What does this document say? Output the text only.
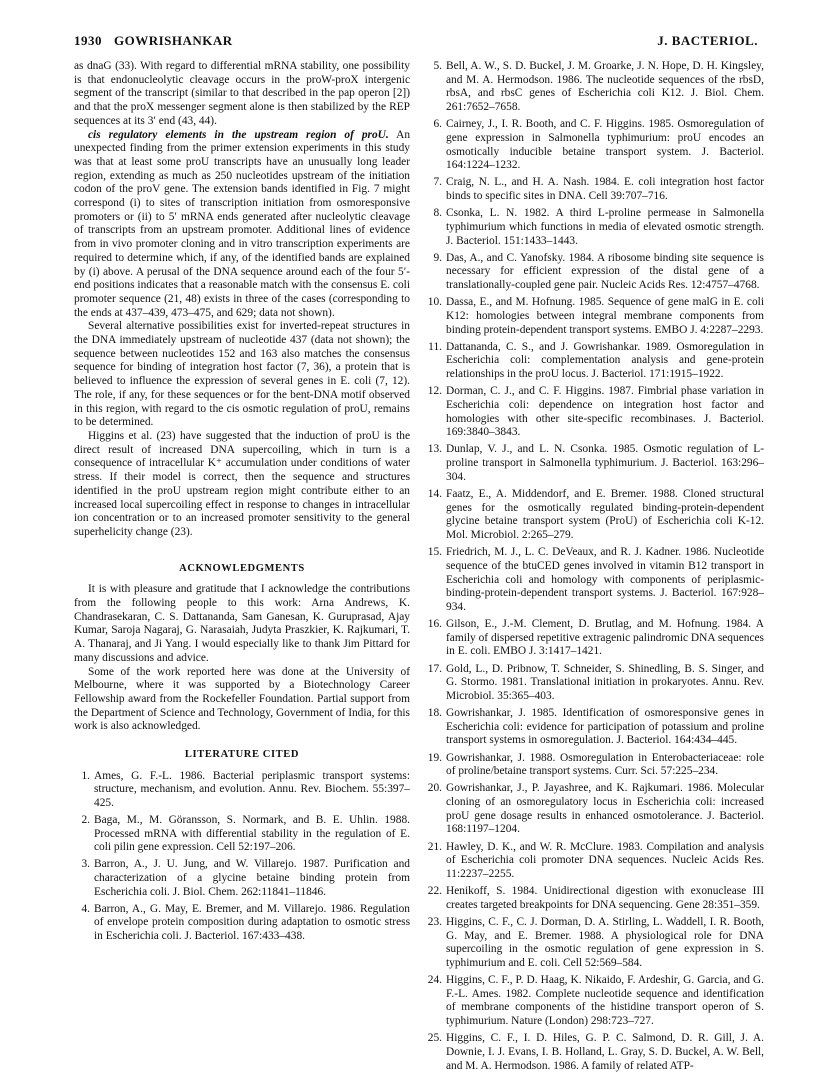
1930 GOWRISHANKAR	J. BACTERIOL.

as dnaG (33). With regard to differential mRNA stability, one possibility is that endonucleolytic cleavage occurs in the proW-proX intergenic segment of the transcript (similar to that described in the pap operon [2]) and that the proX messenger segment alone is then stabilized by the REP sequences at its 3′ end (43, 44).

cis regulatory elements in the upstream region of proU. An unexpected finding from the primer extension experiments in this study was that at least some proU transcripts have an unusually long leader region, extending as much as 250 nucleotides upstream of the initiation codon of the proV gene. The extension bands identified in Fig. 7 might correspond (i) to sites of transcription initiation from osmoresponsive promoters or (ii) to 5′ mRNA ends generated after nucleolytic cleavage of transcripts from an upstream promoter. Additional lines of evidence from in vivo promoter cloning and in vitro transcription experiments are required to determine which, if any, of the identified bands are explained by (i) above. A perusal of the DNA sequence around each of the four 5′-end positions indicates that a reasonable match with the consensus E. coli promoter sequence (21, 48) exists in three of the cases (corresponding to the ends at 437–439, 473–475, and 629; data not shown).

Several alternative possibilities exist for inverted-repeat structures in the DNA immediately upstream of nucleotide 437 (data not shown); the sequence between nucleotides 152 and 163 also matches the consensus sequence for binding of integration host factor (7, 36), a protein that is believed to influence the expression of several genes in E. coli (7, 12). The role, if any, for these sequences or for the bent-DNA motif observed in this region, with regard to the cis osmotic regulation of proU, remains to be determined.

Higgins et al. (23) have suggested that the induction of proU is the direct result of increased DNA supercoiling, which in turn is a consequence of intracellular K⁺ accumulation under conditions of water stress. If their model is correct, then the sequence and structures identified in the proU upstream region might contribute either to an increased local supercoiling effect in response to changes in intracellular ion concentration or to an increased promoter sensitivity to the general superhelicity change (23).

ACKNOWLEDGMENTS

It is with pleasure and gratitude that I acknowledge the contributions from the following people to this work: Arna Andrews, K. Chandrasekaran, C. S. Dattananda, Sam Ganesan, K. Guruprasad, Ajay Kumar, Saroja Nagaraj, G. Narasaiah, Judyta Praszkier, K. Rajkumari, T. A. Thanaraj, and Ji Yang. I would especially like to thank Jim Pittard for many discussions and advice.

Some of the work reported here was done at the University of Melbourne, where it was supported by a Biotechnology Career Fellowship award from the Rockefeller Foundation. Partial support from the Department of Science and Technology, Government of India, for this work is also acknowledged.

LITERATURE CITED
1. Ames, G. F.-L. 1986. Bacterial periplasmic transport systems: structure, mechanism, and evolution. Annu. Rev. Biochem. 55:397–425.
2. Baga, M., M. Göransson, S. Normark, and B. E. Uhlin. 1988. Processed mRNA with differential stability in the regulation of E. coli pilin gene expression. Cell 52:197–206.
3. Barron, A., J. U. Jung, and W. Villarejo. 1987. Purification and characterization of a glycine betaine binding protein from Escherichia coli. J. Biol. Chem. 262:11841–11846.
4. Barron, A., G. May, E. Bremer, and M. Villarejo. 1986. Regulation of envelope protein composition during adaptation to osmotic stress in Escherichia coli. J. Bacteriol. 167:433–438.
5. Bell, A. W., S. D. Buckel, J. M. Groarke, J. N. Hope, D. H. Kingsley, and M. A. Hermodson. 1986. The nucleotide sequences of the rbsD, rbsA, and rbsC genes of Escherichia coli K12. J. Biol. Chem. 261:7652–7658.
6. Cairney, J., I. R. Booth, and C. F. Higgins. 1985. Osmoregulation of gene expression in Salmonella typhimurium: proU encodes an osmotically inducible betaine transport system. J. Bacteriol. 164:1224–1232.
7. Craig, N. L., and H. A. Nash. 1984. E. coli integration host factor binds to specific sites in DNA. Cell 39:707–716.
8. Csonka, L. N. 1982. A third L-proline permease in Salmonella typhimurium which functions in media of elevated osmotic strength. J. Bacteriol. 151:1433–1443.
9. Das, A., and C. Yanofsky. 1984. A ribosome binding site sequence is necessary for efficient expression of the distal gene of a translationally-coupled gene pair. Nucleic Acids Res. 12:4757–4768.
10. Dassa, E., and M. Hofnung. 1985. Sequence of gene malG in E. coli K12: homologies between integral membrane components from binding protein-dependent transport systems. EMBO J. 4:2287–2293.
11. Dattananda, C. S., and J. Gowrishankar. 1989. Osmoregulation in Escherichia coli: complementation analysis and gene-protein relationships in the proU locus. J. Bacteriol. 171:1915–1922.
12. Dorman, C. J., and C. F. Higgins. 1987. Fimbrial phase variation in Escherichia coli: dependence on integration host factor and homologies with other site-specific recombinases. J. Bacteriol. 169:3840–3843.
13. Dunlap, V. J., and L. N. Csonka. 1985. Osmotic regulation of L-proline transport in Salmonella typhimurium. J. Bacteriol. 163:296–304.
14. Faatz, E., A. Middendorf, and E. Bremer. 1988. Cloned structural genes for the osmotically regulated binding-protein-dependent glycine betaine transport system (ProU) of Escherichia coli K-12. Mol. Microbiol. 2:265–279.
15. Friedrich, M. J., L. C. DeVeaux, and R. J. Kadner. 1986. Nucleotide sequence of the btuCED genes involved in vitamin B12 transport in Escherichia coli and homology with components of periplasmic-binding-protein-dependent transport systems. J. Bacteriol. 167:928–934.
16. Gilson, E., J.-M. Clement, D. Brutlag, and M. Hofnung. 1984. A family of dispersed repetitive extragenic palindromic DNA sequences in E. coli. EMBO J. 3:1417–1421.
17. Gold, L., D. Pribnow, T. Schneider, S. Shinedling, B. S. Singer, and G. Stormo. 1981. Translational initiation in prokaryotes. Annu. Rev. Microbiol. 35:365–403.
18. Gowrishankar, J. 1985. Identification of osmoresponsive genes in Escherichia coli: evidence for participation of potassium and proline transport systems in osmoregulation. J. Bacteriol. 164:434–445.
19. Gowrishankar, J. 1988. Osmoregulation in Enterobacteriaceae: role of proline/betaine transport systems. Curr. Sci. 57:225–234.
20. Gowrishankar, J., P. Jayashree, and K. Rajkumari. 1986. Molecular cloning of an osmoregulatory locus in Escherichia coli: increased proU gene dosage results in enhanced osmotolerance. J. Bacteriol. 168:1197–1204.
21. Hawley, D. K., and W. R. McClure. 1983. Compilation and analysis of Escherichia coli promoter DNA sequences. Nucleic Acids Res. 11:2237–2255.
22. Henikoff, S. 1984. Unidirectional digestion with exonuclease III creates targeted breakpoints for DNA sequencing. Gene 28:351–359.
23. Higgins, C. F., C. J. Dorman, D. A. Stirling, L. Waddell, I. R. Booth, G. May, and E. Bremer. 1988. A physiological role for DNA supercoiling in the osmotic regulation of gene expression in S. typhimurium and E. coli. Cell 52:569–584.
24. Higgins, C. F., P. D. Haag, K. Nikaido, F. Ardeshir, G. Garcia, and G. F.-L. Ames. 1982. Complete nucleotide sequence and identification of membrane components of the histidine transport operon of S. typhimurium. Nature (London) 298:723–727.
25. Higgins, C. F., I. D. Hiles, G. P. C. Salmond, D. R. Gill, J. A. Downie, I. J. Evans, I. B. Holland, L. Gray, S. D. Buckel, A. W. Bell, and M. A. Hermodson. 1986. A family of related ATP-
